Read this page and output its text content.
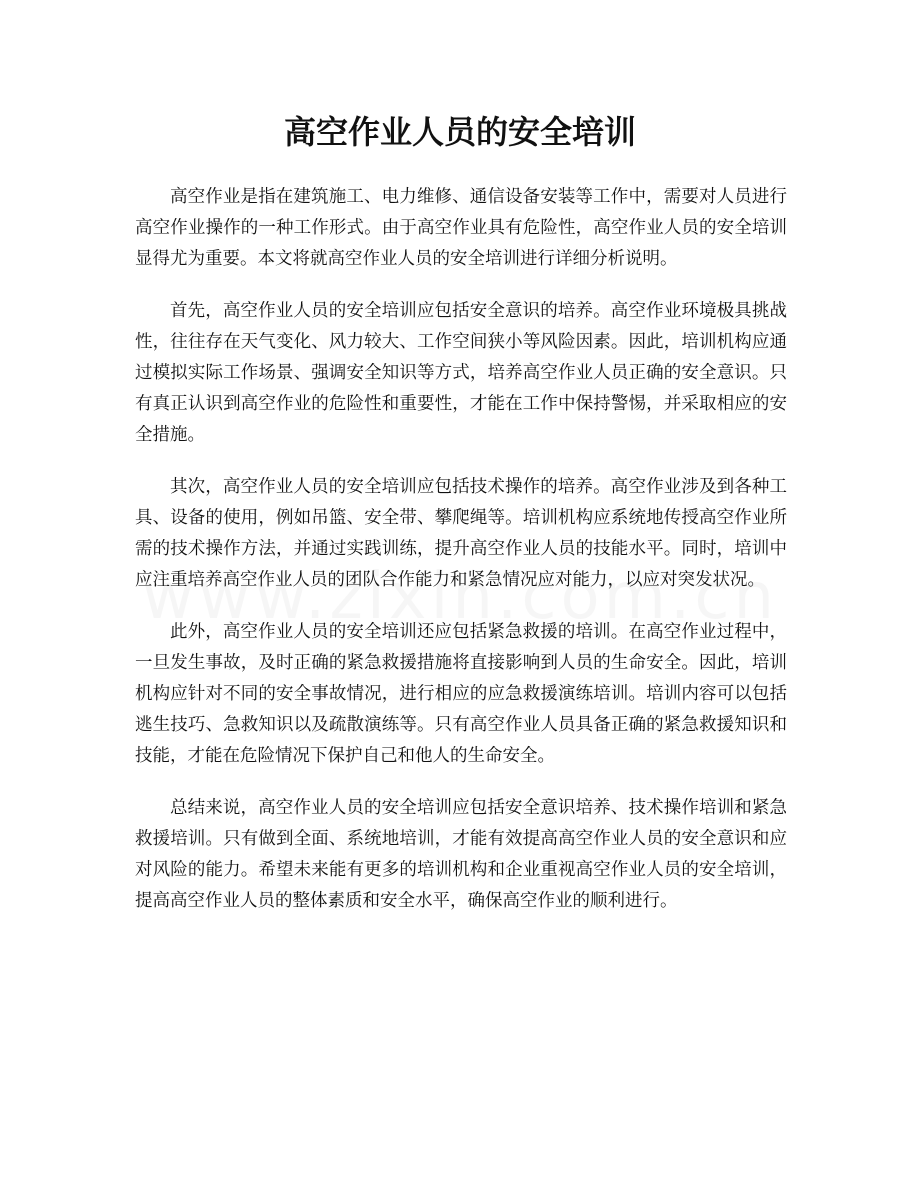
高空作业人员的安全培训

高空作业是指在建筑施工、电力维修、通信设备安装等工作中，需要对人员进行高空作业操作的一种工作形式。由于高空作业具有危险性，高空作业人员的安全培训显得尤为重要。本文将就高空作业人员的安全培训进行详细分析说明。

首先，高空作业人员的安全培训应包括安全意识的培养。高空作业环境极具挑战性，往往存在天气变化、风力较大、工作空间狭小等风险因素。因此，培训机构应通过模拟实际工作场景、强调安全知识等方式，培养高空作业人员正确的安全意识。只有真正认识到高空作业的危险性和重要性，才能在工作中保持警惕，并采取相应的安全措施。

其次，高空作业人员的安全培训应包括技术操作的培养。高空作业涉及到各种工具、设备的使用，例如吊篮、安全带、攀爬绳等。培训机构应系统地传授高空作业所需的技术操作方法，并通过实践训练，提升高空作业人员的技能水平。同时，培训中应注重培养高空作业人员的团队合作能力和紧急情况应对能力，以应对突发状况。

此外，高空作业人员的安全培训还应包括紧急救援的培训。在高空作业过程中，一旦发生事故，及时正确的紧急救援措施将直接影响到人员的生命安全。因此，培训机构应针对不同的安全事故情况，进行相应的应急救援演练培训。培训内容可以包括逃生技巧、急救知识以及疏散演练等。只有高空作业人员具备正确的紧急救援知识和技能，才能在危险情况下保护自己和他人的生命安全。

总结来说，高空作业人员的安全培训应包括安全意识培养、技术操作培训和紧急救援培训。只有做到全面、系统地培训，才能有效提高高空作业人员的安全意识和应对风险的能力。希望未来能有更多的培训机构和企业重视高空作业人员的安全培训，提高高空作业人员的整体素质和安全水平，确保高空作业的顺利进行。
